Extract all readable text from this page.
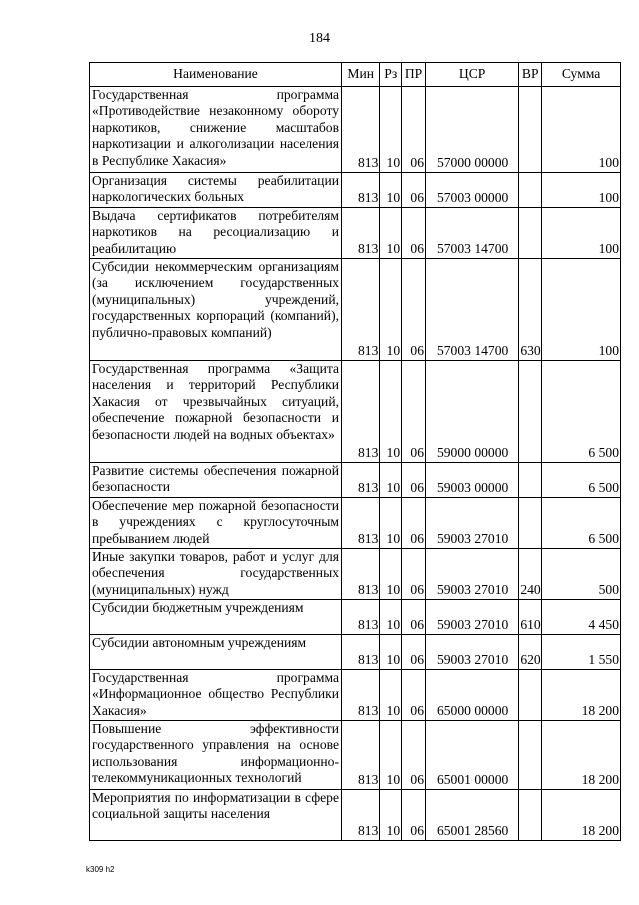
184
Наименование	Мин	Рз	ПР	ЦСР	ВР	Сумма
Государственная программа «Противодействие незаконному обороту наркотиков, снижение масштабов наркотизации и алкоголизации населения в Республике Хакасия»	813	10	06	57000 00000		100
Организация системы реабилитации наркологических больных	813	10	06	57003 00000		100
Выдача сертификатов потребителям наркотиков на ресоциализацию и реабилитацию	813	10	06	57003 14700		100
Субсидии некоммерческим организациям (за исключением государственных (муниципальных) учреждений, государственных корпораций (компаний), публично-правовых компаний)	813	10	06	57003 14700	630	100
Государственная программа «Защита населения и территорий Республики Хакасия от чрезвычайных ситуаций, обеспечение пожарной безопасности и безопасности людей на водных объектах»	813	10	06	59000 00000		6 500
Развитие системы обеспечения пожарной безопасности	813	10	06	59003 00000		6 500
Обеспечение мер пожарной безопасности в учреждениях с круглосуточным пребыванием людей	813	10	06	59003 27010		6 500
Иные закупки товаров, работ и услуг для обеспечения государственных (муниципальных) нужд	813	10	06	59003 27010	240	500
Субсидии бюджетным учреждениям	813	10	06	59003 27010	610	4 450
Субсидии автономным учреждениям	813	10	06	59003 27010	620	1 550
Государственная программа «Информационное общество Республики Хакасия»	813	10	06	65000 00000		18 200
Повышение эффективности государственного управления на основе использования информационно-телекоммуникационных технологий	813	10	06	65001 00000		18 200
Мероприятия по информатизации в сфере социальной защиты населения	813	10	06	65001 28560		18 200
k309 h2
